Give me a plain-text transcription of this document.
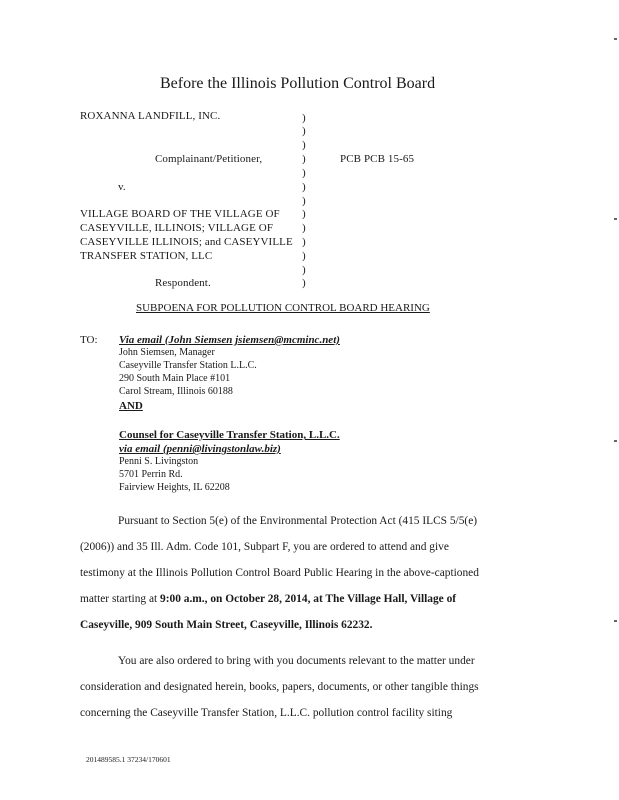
Before the Illinois Pollution Control Board
ROXANNA LANDFILL, INC.
Complainant/Petitioner,	PCB PCB 15-65
v.
VILLAGE BOARD OF THE VILLAGE OF
CASEYVILLE, ILLINOIS; VILLAGE OF
CASEYVILLE ILLINOIS; and CASEYVILLE
TRANSFER STATION, LLC
Respondent.
)
)
)
)
)
)
)
)
)
)
)
)
)
SUBPOENA FOR POLLUTION CONTROL BOARD HEARING
TO: Via email (John Siemsen jsiemsen@mcminc.net)
John Siemsen, Manager
Caseyville Transfer Station L.L.C.
290 South Main Place #101
Carol Stream, Illinois 60188
AND
Counsel for Caseyville Transfer Station, L.L.C.
via email (penni@livingstonlaw.biz)
Penni S. Livingston
5701 Perrin Rd.
Fairview Heights, IL 62208
Pursuant to Section 5(e) of the Environmental Protection Act (415 ILCS 5/5(e)
(2006)) and 35 Ill. Adm. Code 101, Subpart F, you are ordered to attend and give
testimony at the Illinois Pollution Control Board Public Hearing in the above-captioned
matter starting at 9:00 a.m., on October 28, 2014, at The Village Hall, Village of
Caseyville, 909 South Main Street, Caseyville, Illinois 62232.
You are also ordered to bring with you documents relevant to the matter under
consideration and designated herein, books, papers, documents, or other tangible things
concerning the Caseyville Transfer Station, L.L.C. pollution control facility siting
201489585.1 37234/170601
